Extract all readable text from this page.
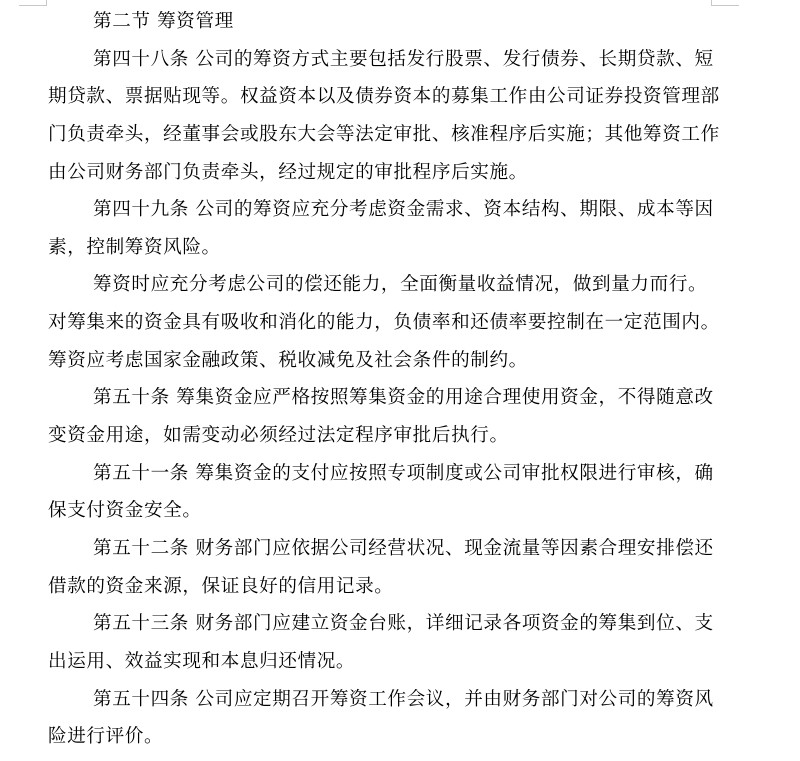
第二节 筹资管理
第四十八条 公司的筹资方式主要包括发行股票、发行债券、长期贷款、短
期贷款、票据贴现等。权益资本以及债券资本的募集工作由公司证券投资管理部
门负责牵头，经董事会或股东大会等法定审批、核准程序后实施；其他筹资工作
由公司财务部门负责牵头，经过规定的审批程序后实施。
第四十九条 公司的筹资应充分考虑资金需求、资本结构、期限、成本等因
素，控制筹资风险。
筹资时应充分考虑公司的偿还能力，全面衡量收益情况，做到量力而行。
对筹集来的资金具有吸收和消化的能力，负债率和还债率要控制在一定范围内。
筹资应考虑国家金融政策、税收减免及社会条件的制约。
第五十条 筹集资金应严格按照筹集资金的用途合理使用资金，不得随意改
变资金用途，如需变动必须经过法定程序审批后执行。
第五十一条 筹集资金的支付应按照专项制度或公司审批权限进行审核，确
保支付资金安全。
第五十二条 财务部门应依据公司经营状况、现金流量等因素合理安排偿还
借款的资金来源，保证良好的信用记录。
第五十三条 财务部门应建立资金台账，详细记录各项资金的筹集到位、支
出运用、效益实现和本息归还情况。
第五十四条 公司应定期召开筹资工作会议，并由财务部门对公司的筹资风
险进行评价。
